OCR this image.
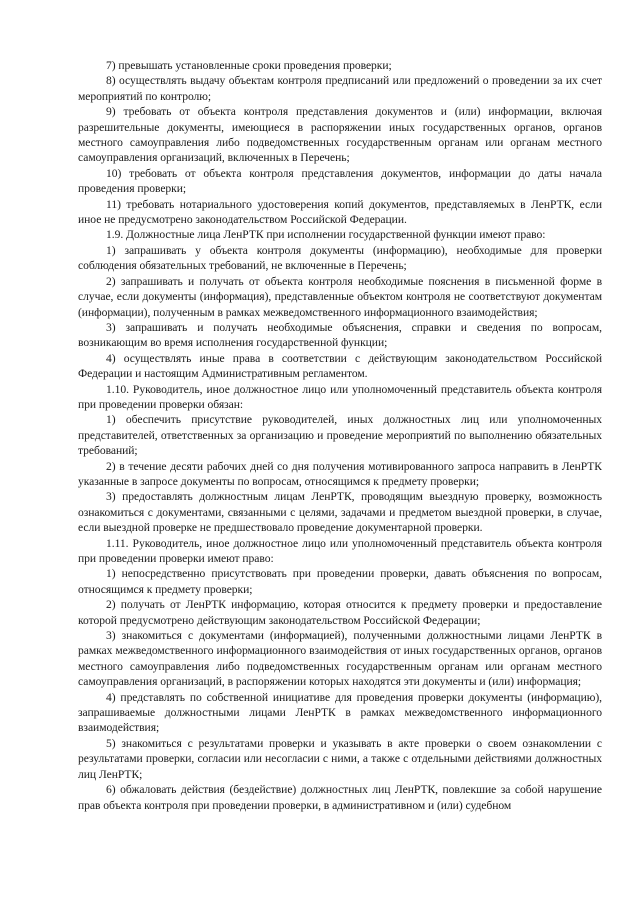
7) превышать установленные сроки проведения проверки;

8) осуществлять выдачу объектам контроля предписаний или предложений о проведении за их счет мероприятий по контролю;

9) требовать от объекта контроля представления документов и (или) информации, включая разрешительные документы, имеющиеся в распоряжении иных государственных органов, органов местного самоуправления либо подведомственных государственным органам или органам местного самоуправления организаций, включенных в Перечень;

10) требовать от объекта контроля представления документов, информации до даты начала проведения проверки;

11) требовать нотариального удостоверения копий документов, представляемых в ЛенРТК, если иное не предусмотрено законодательством Российской Федерации.

1.9. Должностные лица ЛенРТК при исполнении государственной функции имеют право:

1) запрашивать у объекта контроля документы (информацию), необходимые для проверки соблюдения обязательных требований, не включенные в Перечень;

2) запрашивать и получать от объекта контроля необходимые пояснения в письменной форме в случае, если документы (информация), представленные объектом контроля не соответствуют документам (информации), полученным в рамках межведомственного информационного взаимодействия;

3) запрашивать и получать необходимые объяснения, справки и сведения по вопросам, возникающим во время исполнения государственной функции;

4) осуществлять иные права в соответствии с действующим законодательством Российской Федерации и настоящим Административным регламентом.

1.10. Руководитель, иное должностное лицо или уполномоченный представитель объекта контроля при проведении проверки обязан:

1) обеспечить присутствие руководителей, иных должностных лиц или уполномоченных представителей, ответственных за организацию и проведение мероприятий по выполнению обязательных требований;

2) в течение десяти рабочих дней со дня получения мотивированного запроса направить в ЛенРТК указанные в запросе документы по вопросам, относящимся к предмету проверки;

3) предоставлять должностным лицам ЛенРТК, проводящим выездную проверку, возможность ознакомиться с документами, связанными с целями, задачами и предметом выездной проверки, в случае, если выездной проверке не предшествовало проведение документарной проверки.

1.11. Руководитель, иное должностное лицо или уполномоченный представитель объекта контроля при проведении проверки имеют право:

1) непосредственно присутствовать при проведении проверки, давать объяснения по вопросам, относящимся к предмету проверки;

2) получать от ЛенРТК информацию, которая относится к предмету проверки и предоставление которой предусмотрено действующим законодательством Российской Федерации;

3) знакомиться с документами (информацией), полученными должностными лицами ЛенРТК в рамках межведомственного информационного взаимодействия от иных государственных органов, органов местного самоуправления либо подведомственных государственным органам или органам местного самоуправления организаций, в распоряжении которых находятся эти документы и (или) информация;

4) представлять по собственной инициативе для проведения проверки документы (информацию), запрашиваемые должностными лицами ЛенРТК в рамках межведомственного информационного взаимодействия;

5) знакомиться с результатами проверки и указывать в акте проверки о своем ознакомлении с результатами проверки, согласии или несогласии с ними, а также с отдельными действиями должностных лиц ЛенРТК;

6) обжаловать действия (бездействие) должностных лиц ЛенРТК, повлекшие за собой нарушение прав объекта контроля при проведении проверки, в административном и (или) судебном
